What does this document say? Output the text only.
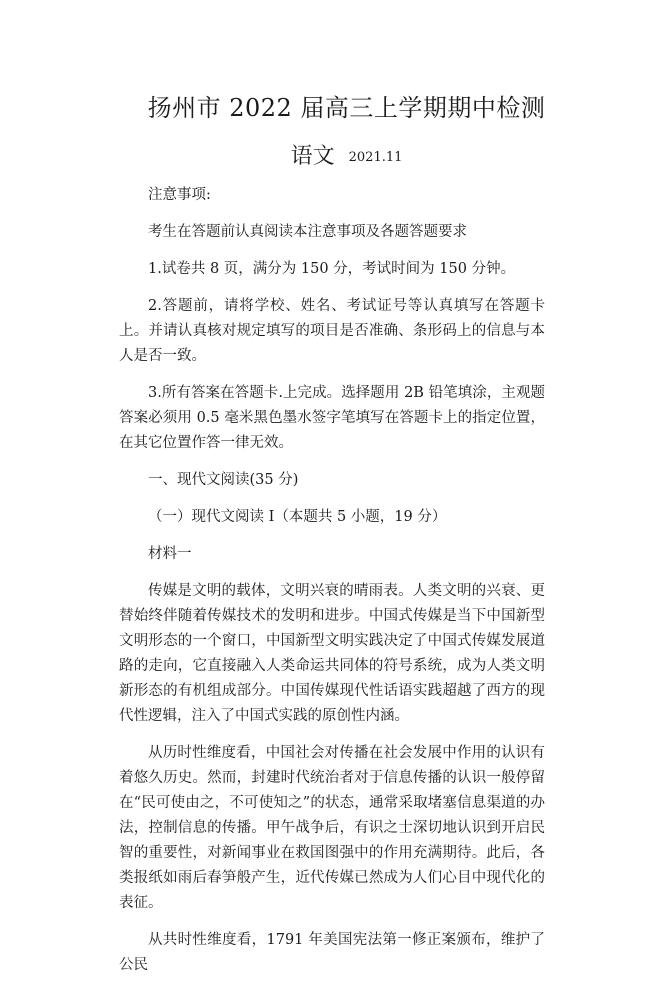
扬州市 2022 届高三上学期期中检测
语文 2021.11

注意事项:

考生在答题前认真阅读本注意事项及各题答题要求

1.试卷共 8 页，满分为 150 分，考试时间为 150 分钟。

2.答题前，请将学校、姓名、考试证号等认真填写在答题卡上。并请认真核对规定填写的项目是否准确、条形码上的信息与本人是否一致。

3.所有答案在答题卡.上完成。选择题用 2B 铅笔填涂，主观题答案必须用 0.5 毫米黑色墨水签字笔填写在答题卡上的指定位置，在其它位置作答一律无效。

一、现代文阅读(35 分)

（一）现代文阅读 I（本题共 5 小题，19 分）

材料一

传媒是文明的载体，文明兴衰的晴雨表。人类文明的兴衰、更替始终伴随着传媒技术的发明和进步。中国式传媒是当下中国新型文明形态的一个窗口，中国新型文明实践决定了中国式传媒发展道路的走向，它直接融入人类命运共同体的符号系统，成为人类文明新形态的有机组成部分。中国传媒现代性话语实践超越了西方的现代性逻辑，注入了中国式实践的原创性内涵。

从历时性维度看，中国社会对传播在社会发展中作用的认识有着悠久历史。然而，封建时代统治者对于信息传播的认识一般停留在“民可使由之，不可使知之”的状态，通常采取堵塞信息渠道的办法，控制信息的传播。甲午战争后，有识之士深切地认识到开启民智的重要性，对新闻事业在救国图强中的作用充满期待。此后，各类报纸如雨后春笋般产生，近代传媒已然成为人们心目中现代化的表征。

从共时性维度看，1791 年美国宪法第一修正案颁布，维护了公民
